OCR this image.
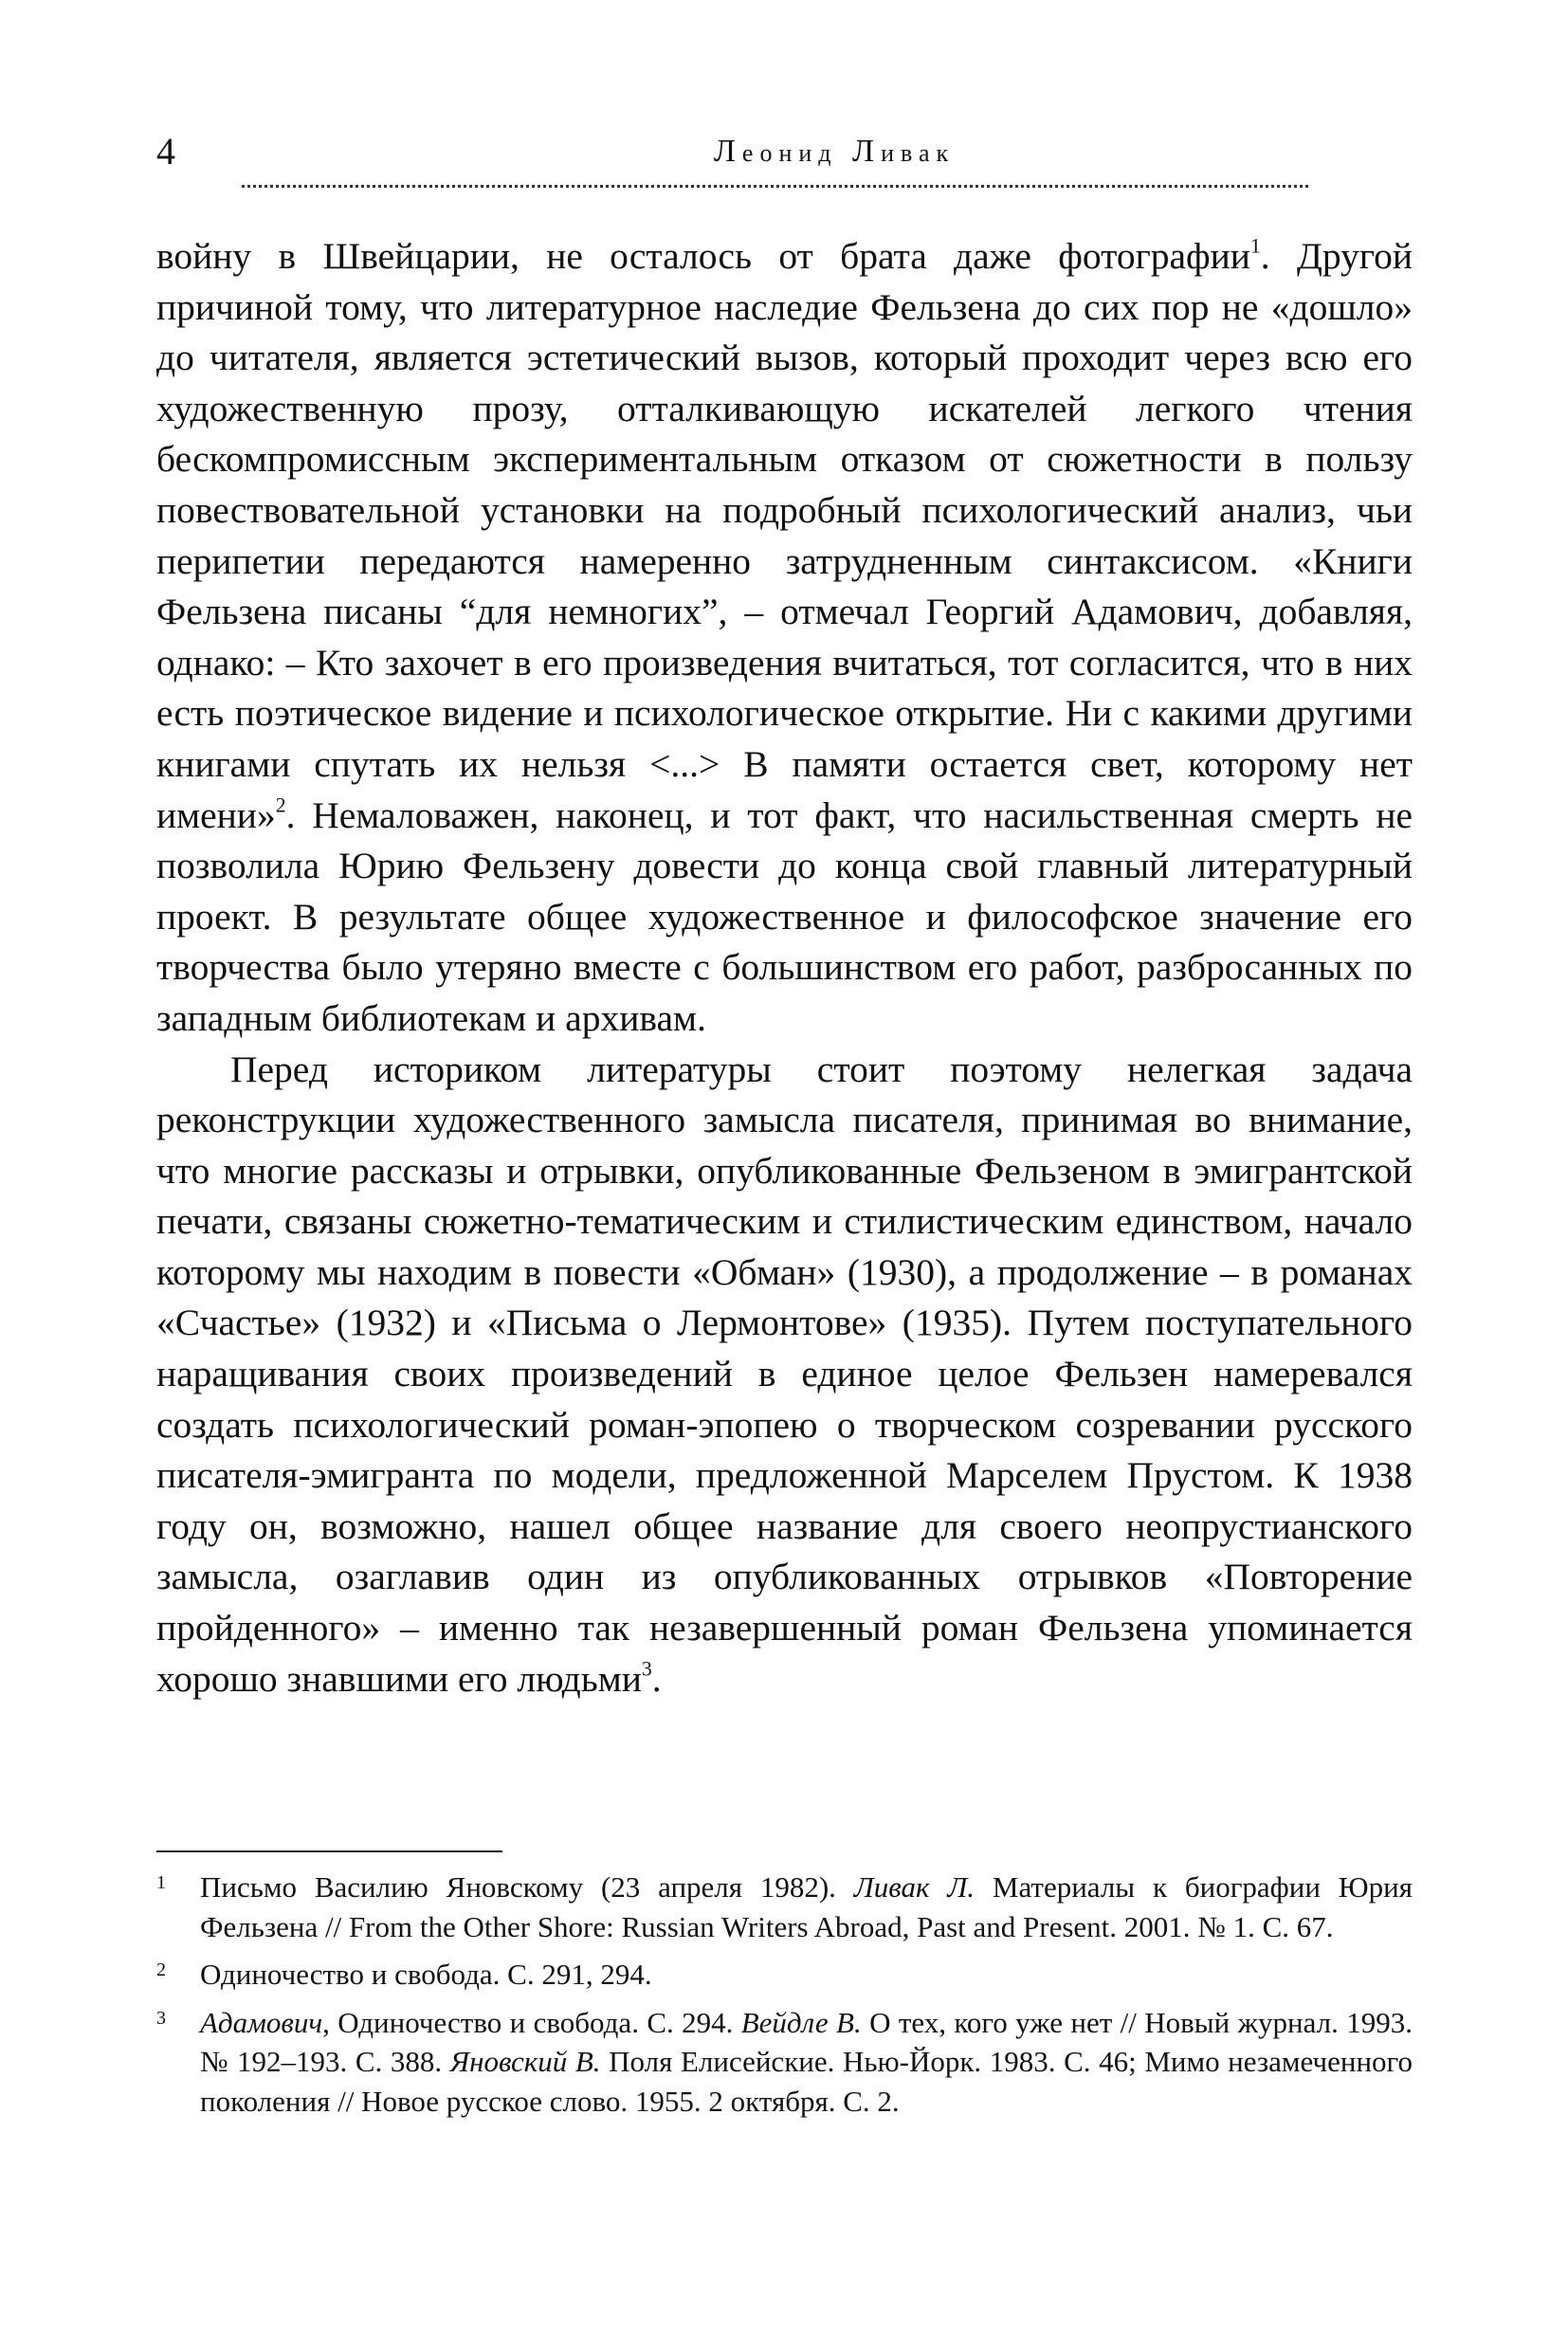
4	Леонид Ливак

войну в Швейцарии, не осталось от брата даже фотографии$^1$. Другой причиной тому, что литературное наследие Фельзена до сих пор не «дошло» до читателя, является эстетический вызов, который проходит через всю его художественную прозу, отталкивающую искателей легкого чтения бескомпромиссным экспериментальным отказом от сюжетности в пользу повествовательной установки на подробный психологический анализ, чьи перипетии передаются намеренно затрудненным синтаксисом. «Книги Фельзена писаны “для немногих”, – отмечал Георгий Адамович, добавляя, однако: – Кто захочет в его произведения вчитаться, тот согласится, что в них есть поэтическое видение и психологическое открытие. Ни с какими другими книгами спутать их нельзя <...> В памяти остается свет, которому нет имени»$^2$. Немаловажен, наконец, и тот факт, что насильственная смерть не позволила Юрию Фельзену довести до конца свой главный литературный проект. В результате общее художественное и философское значение его творчества было утеряно вместе с большинством его работ, разбросанных по западным библиотекам и архивам.

Перед историком литературы стоит поэтому нелегкая задача реконструкции художественного замысла писателя, принимая во внимание, что многие рассказы и отрывки, опубликованные Фельзеном в эмигрантской печати, связаны сюжетно-тематическим и стилистическим единством, начало которому мы находим в повести «Обман» (1930), а продолжение – в романах «Счастье» (1932) и «Письма о Лермонтове» (1935). Путем поступательного наращивания своих произведений в единое целое Фельзен намеревался создать психологический роман-эпопею о творческом созревании русского писателя-эмигранта по модели, предложенной Марселем Прустом. К 1938 году он, возможно, нашел общее название для своего неопрустианского замысла, озаглавив один из опубликованных отрывков «Повторение пройденного» – именно так незавершенный роман Фельзена упоминается хорошо знавшими его людьми$^3$.

1	Письмо Василию Яновскому (23 апреля 1982). Ливак Л. Материалы к биографии Юрия Фельзена // From the Other Shore: Russian Writers Abroad, Past and Present. 2001. № 1. С. 67.
2	Одиночество и свобода. С. 291, 294.
3	Адамович, Одиночество и свобода. С. 294. Вейдле В. О тех, кого уже нет // Новый журнал. 1993. № 192–193. С. 388. Яновский В. Поля Елисейские. Нью-Йорк. 1983. С. 46; Мимо незамеченного поколения // Новое русское слово. 1955. 2 октября. С. 2.
